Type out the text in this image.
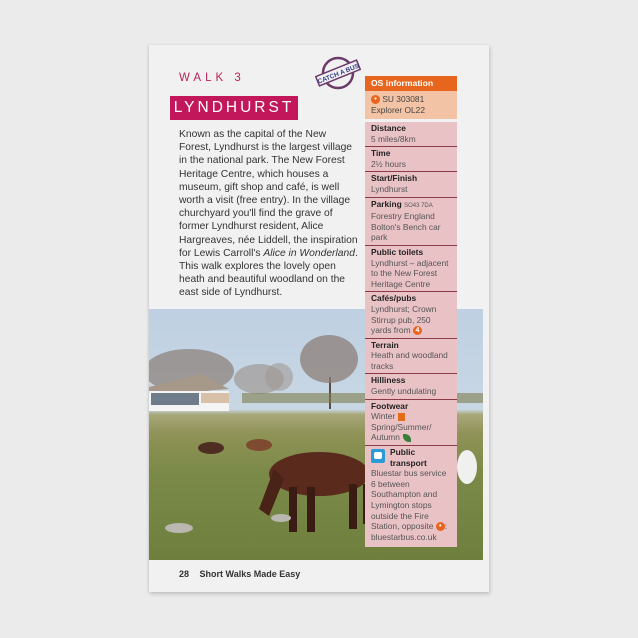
WALK 3
LYNDHURST
CATCH A BUS
Known as the capital of the New Forest, Lyndhurst is the largest village in the national park. The New Forest Heritage Centre, which houses a museum, gift shop and café, is well worth a visit (free entry). In the village churchyard you'll find the grave of former Lyndhurst resident, Alice Hargreaves, née Liddell, the inspiration for Lewis Carroll's Alice in Wonderland. This walk explores the lovely open heath and beautiful woodland on the east side of Lyndhurst.
28 Short Walks Made Easy
OS information
• SU 303081
Explorer OL22
Distance
5 miles/8km
Time
2½ hours
Start/Finish
Lyndhurst
Parking SO43 7DA
Forestry England Bolton's Bench car park
Public toilets
Lyndhurst – adjacent to the New Forest Heritage Centre
Cafés/pubs
Lyndhurst; Crown Stirrup pub, 250 yards from 4
Terrain
Heath and woodland tracks
Hilliness
Gently undulating
Footwear
Winter
Spring/Summer/ Autumn
Public transport
Bluestar bus service 6 between Southampton and Lymington stops outside the Fire Station, opposite • : bluestarbus.co.uk
